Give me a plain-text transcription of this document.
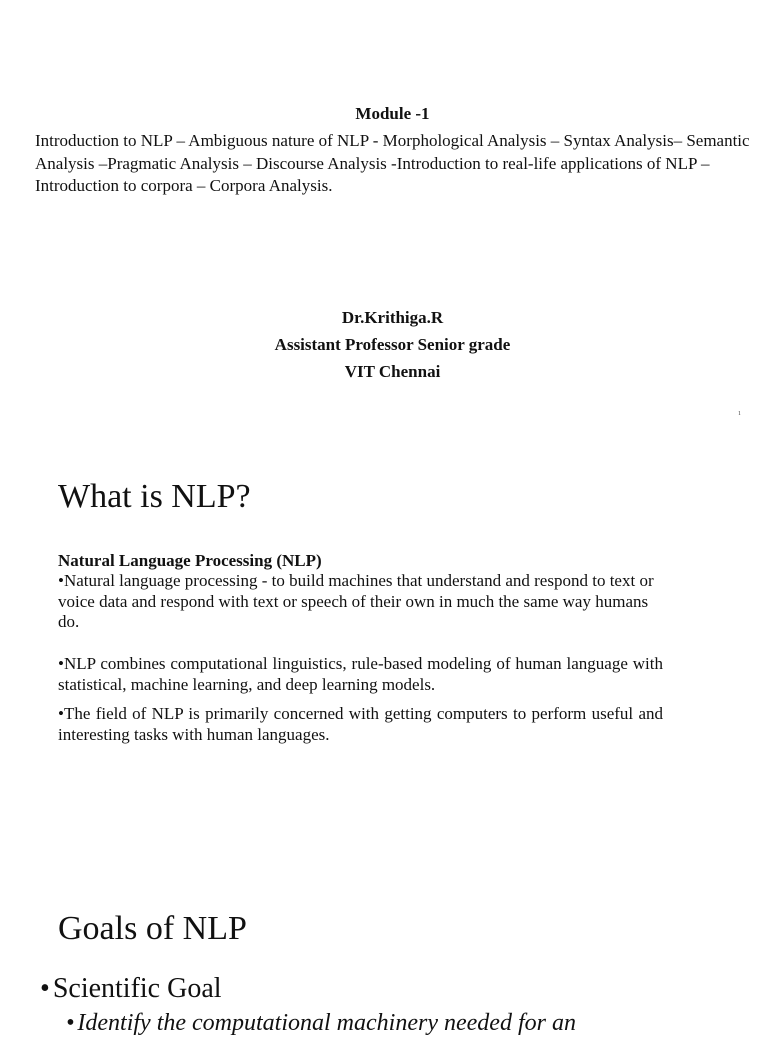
Module -1
Introduction to NLP – Ambiguous nature of NLP - Morphological Analysis – Syntax Analysis– Semantic Analysis –Pragmatic Analysis – Discourse Analysis -Introduction to real-life applications of NLP – Introduction to corpora – Corpora Analysis.
Dr.Krithiga.R
Assistant Professor Senior grade
VIT Chennai
1
What is NLP?
Natural Language Processing (NLP)
•Natural language processing - to build machines that understand and respond to text or voice data and respond with text or speech of their own in much the same way humans do.
•NLP combines computational linguistics, rule-based modeling of human language with statistical, machine learning, and deep learning models.
•The field of NLP is primarily concerned with getting computers to perform useful and interesting tasks with human languages.
Goals of NLP
• Scientific Goal
• Identify the computational machinery needed for an
